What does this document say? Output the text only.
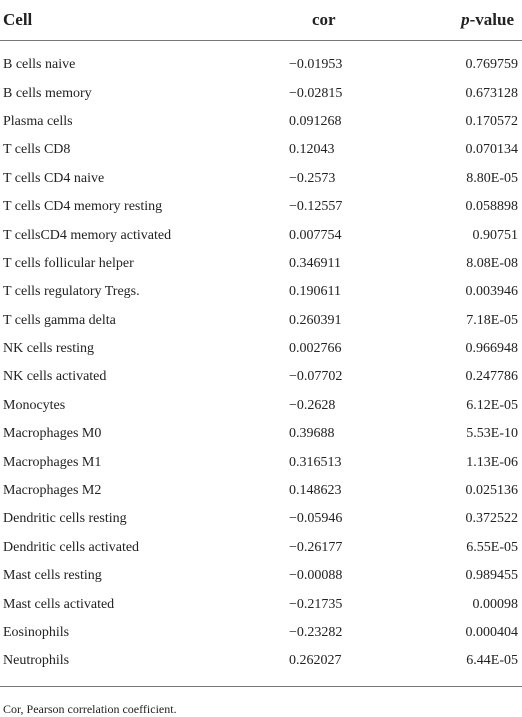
Cell	cor	p-value
B cells naive	−0.01953	0.769759
B cells memory	−0.02815	0.673128
Plasma cells	0.091268	0.170572
T cells CD8	0.12043	0.070134
T cells CD4 naive	−0.2573	8.80E-05
T cells CD4 memory resting	−0.12557	0.058898
T cellsCD4 memory activated	0.007754	0.90751
T cells follicular helper	0.346911	8.08E-08
T cells regulatory Tregs.	0.190611	0.003946
T cells gamma delta	0.260391	7.18E-05
NK cells resting	0.002766	0.966948
NK cells activated	−0.07702	0.247786
Monocytes	−0.2628	6.12E-05
Macrophages M0	0.39688	5.53E-10
Macrophages M1	0.316513	1.13E-06
Macrophages M2	0.148623	0.025136
Dendritic cells resting	−0.05946	0.372522
Dendritic cells activated	−0.26177	6.55E-05
Mast cells resting	−0.00088	0.989455
Mast cells activated	−0.21735	0.00098
Eosinophils	−0.23282	0.000404
Neutrophils	0.262027	6.44E-05
Cor, Pearson correlation coefficient.
